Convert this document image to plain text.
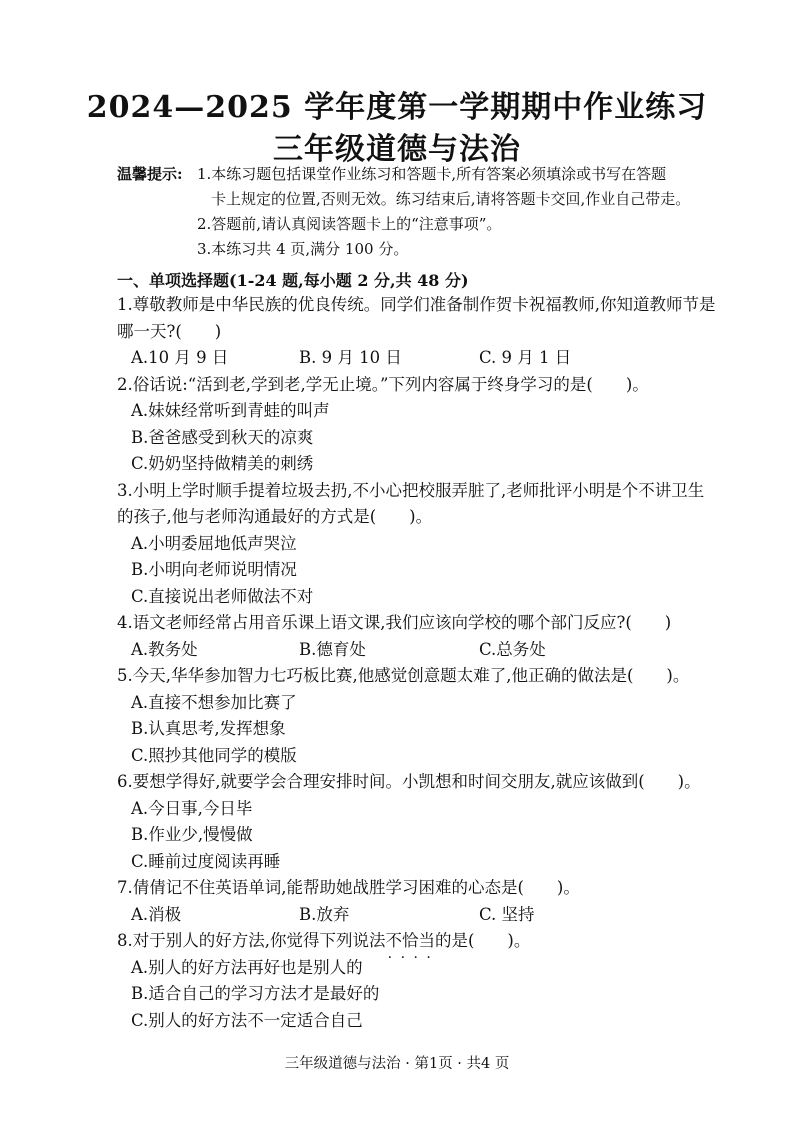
2024—2025 学年度第一学期期中作业练习
三年级道德与法治
温馨提示: 1.本练习题包括课堂作业练习和答题卡,所有答案必须填涂或书写在答题
卡上规定的位置,否则无效。练习结束后,请将答题卡交回,作业自己带走。
2.答题前,请认真阅读答题卡上的“注意事项”。
3.本练习共 4 页,满分 100 分。
一、单项选择题(1-24 题,每小题 2 分,共 48 分)
1.尊敬教师是中华民族的优良传统。同学们准备制作贺卡祝福教师,你知道教师节是
哪一天?(　　)
A.10 月 9 日	B. 9 月 10 日	C. 9 月 1 日
2.俗话说:“活到老,学到老,学无止境。”下列内容属于终身学习的是(　　)。
A.妹妹经常听到青蛙的叫声
B.爸爸感受到秋天的凉爽
C.奶奶坚持做精美的刺绣
3.小明上学时顺手提着垃圾去扔,不小心把校服弄脏了,老师批评小明是个不讲卫生
的孩子,他与老师沟通最好的方式是(　　)。
A.小明委屈地低声哭泣
B.小明向老师说明情况
C.直接说出老师做法不对
4.语文老师经常占用音乐课上语文课,我们应该向学校的哪个部门反应?(　　)
A.教务处	B.德育处	C.总务处
5.今天,华华参加智力七巧板比赛,他感觉创意题太难了,他正确的做法是(　　)。
A.直接不想参加比赛了
B.认真思考,发挥想象
C.照抄其他同学的模版
6.要想学得好,就要学会合理安排时间。小凯想和时间交朋友,就应该做到(　　)。
A.今日事,今日毕
B.作业少,慢慢做
C.睡前过度阅读再睡
7.倩倩记不住英语单词,能帮助她战胜学习困难的心态是(　　)。
A.消极	B.放弃	C. 坚持
8.对于别人的好方法,你觉得下列说法不恰当 · · · ·的是(　　)。
A.别人的好方法再好也是别人的
B.适合自己的学习方法才是最好的
C.别人的好方法不一定适合自己
三年级道德与法治 · 第1页 · 共4 页
